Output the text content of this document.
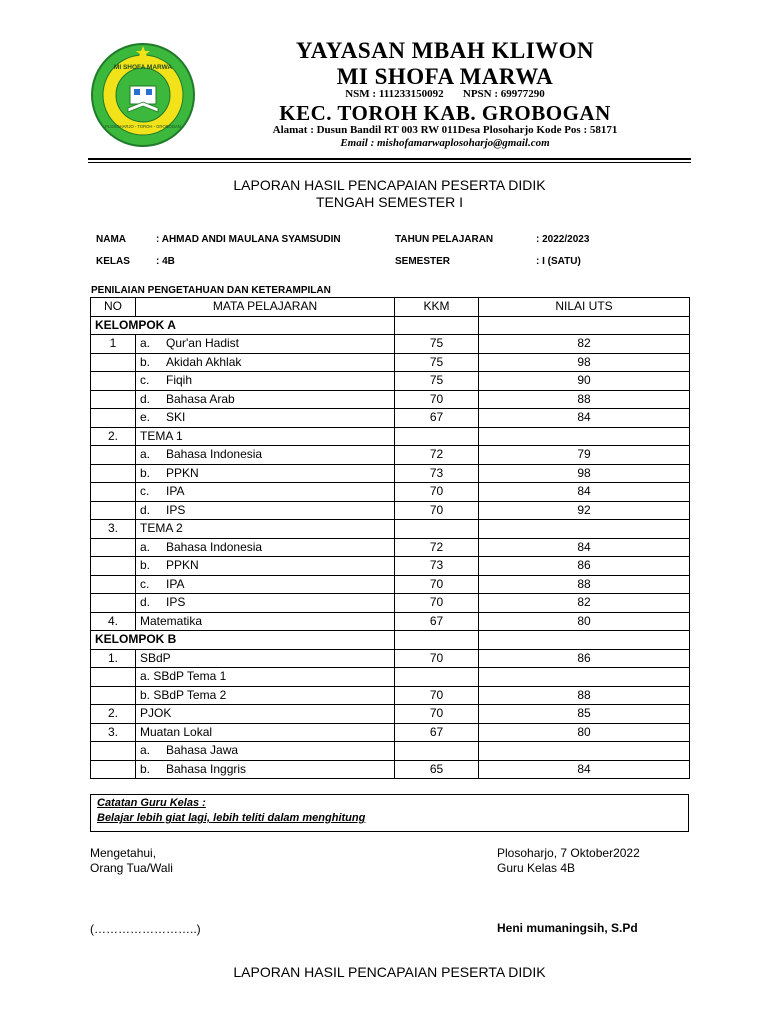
MI SHOFA MARWA
PLOSOHARJO - TOROH - GROBOGAN
YAYASAN MBAH KLIWON
MI SHOFA MARWA
NSM : 111233150092       NPSN : 69977290
KEC. TOROH KAB. GROBOGAN
Alamat : Dusun Bandil RT 003 RW 011Desa Plosoharjo Kode Pos : 58171
Email : mishofamarwaplosoharjo@gmail.com
LAPORAN HASIL PENCAPAIAN PESERTA DIDIK
TENGAH SEMESTER I
NAMA	: AHMAD ANDI MAULANA SYAMSUDIN
KELAS	: 4B
TAHUN PELAJARAN	: 2022/2023
SEMESTER	: I (SATU)
PENILAIAN PENGETAHUAN DAN KETERAMPILAN
NO	MATA PELAJARAN	KKM	NILAI UTS
KELOMPOK A			
1	a. Qur'an Hadist	75	82
	b. Akidah Akhlak	75	98
	c. Fiqih	75	90
	d. Bahasa Arab	70	88
	e. SKI	67	84
2.	TEMA 1		
	a. Bahasa Indonesia	72	79
	b. PPKN	73	98
	c. IPA	70	84
	d. IPS	70	92
3.	TEMA 2		
	a. Bahasa Indonesia	72	84
	b. PPKN	73	86
	c. IPA	70	88
	d. IPS	70	82
4.	Matematika	67	80
KELOMPOK B			
1.	SBdP	70	86
	a. SBdP Tema 1		
	b. SBdP Tema 2	70	88
2.	PJOK	70	85
3.	Muatan Lokal	67	80
	a. Bahasa Jawa		
	b. Bahasa Inggris	65	84
Catatan Guru Kelas :
Belajar lebih giat lagi, lebih teliti dalam menghitung
Mengetahui,
Orang Tua/Wali
(……………………..)
Plosoharjo, 7 Oktober2022
Guru Kelas 4B
Heni mumaningsih, S.Pd
LAPORAN HASIL PENCAPAIAN PESERTA DIDIK
